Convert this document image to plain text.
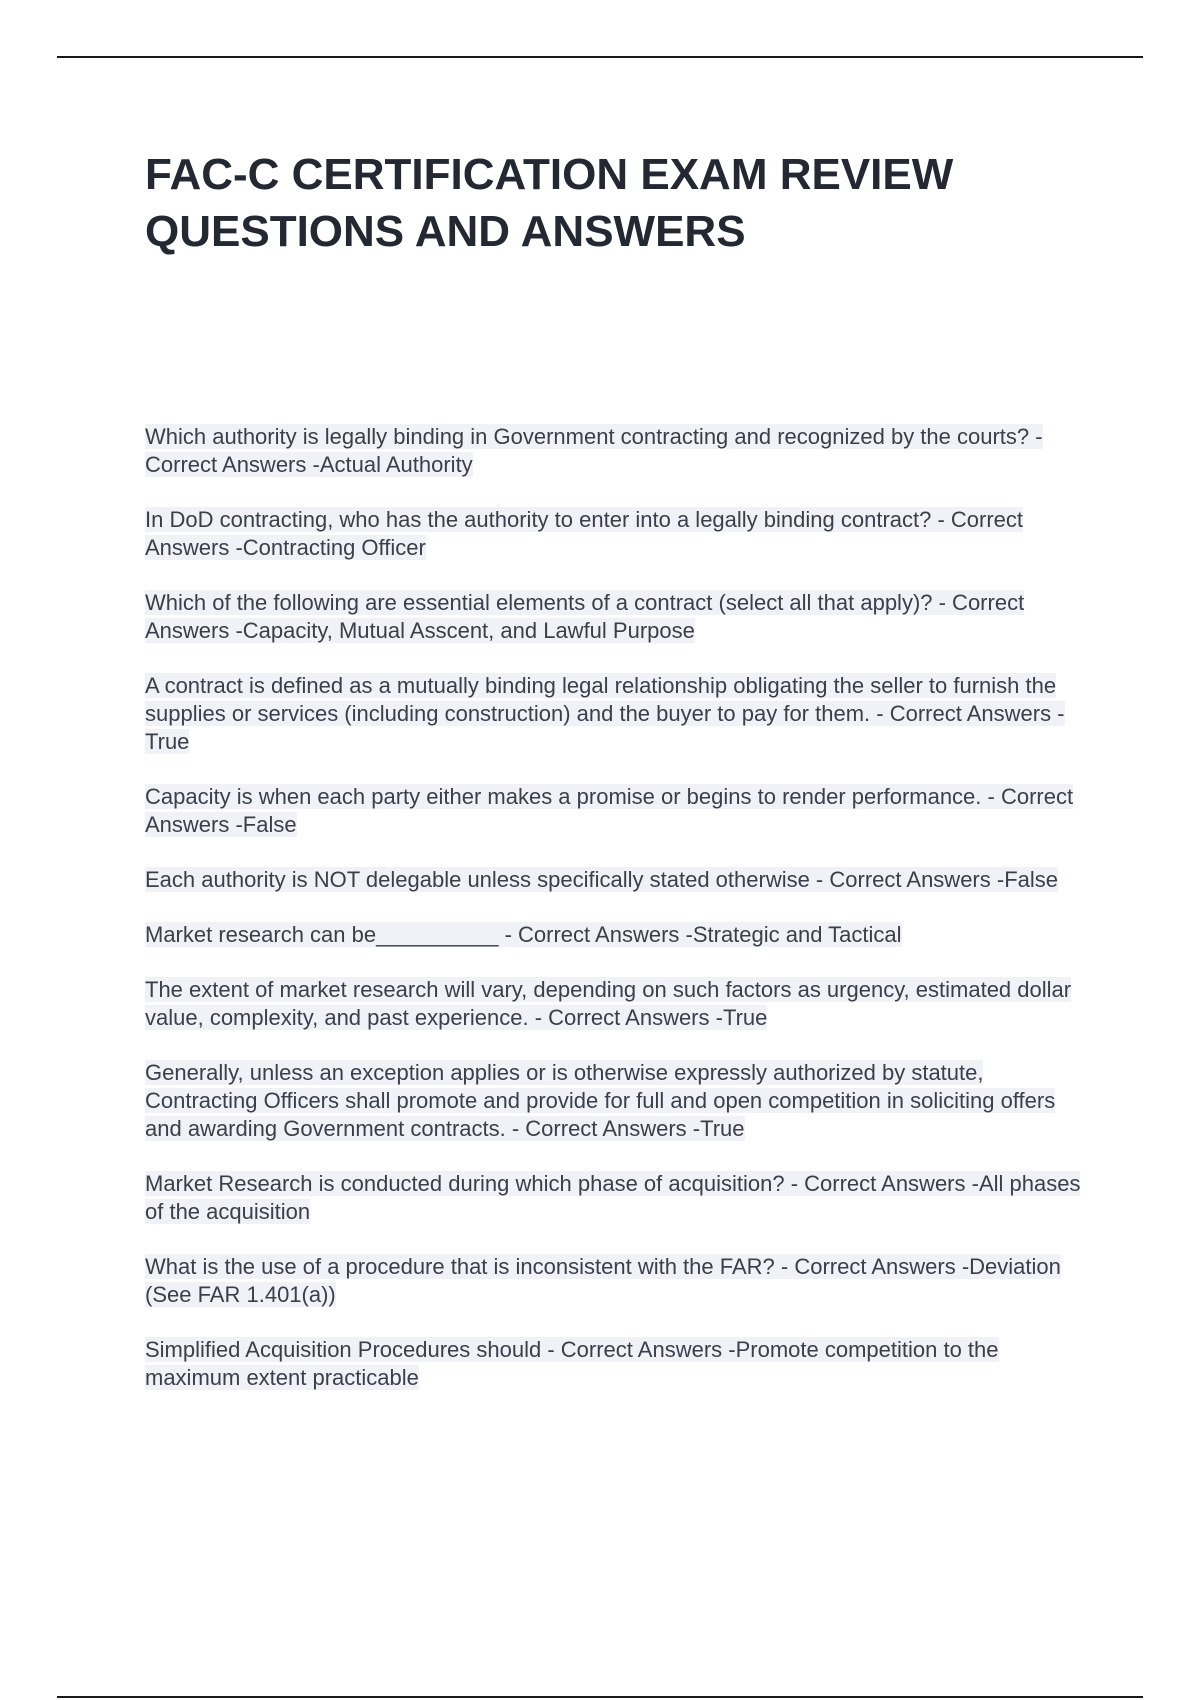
FAC-C CERTIFICATION EXAM REVIEW QUESTIONS AND ANSWERS
Which authority is legally binding in Government contracting and recognized by the courts? - Correct Answers -Actual Authority
In DoD contracting, who has the authority to enter into a legally binding contract? - Correct Answers -Contracting Officer
Which of the following are essential elements of a contract (select all that apply)? - Correct Answers -Capacity, Mutual Asscent, and Lawful Purpose
A contract is defined as a mutually binding legal relationship obligating the seller to furnish the supplies or services (including construction) and the buyer to pay for them. - Correct Answers -True
Capacity is when each party either makes a promise or begins to render performance. - Correct Answers -False
Each authority is NOT delegable unless specifically stated otherwise - Correct Answers -False
Market research can be__________ - Correct Answers -Strategic and Tactical
The extent of market research will vary, depending on such factors as urgency, estimated dollar value, complexity, and past experience. - Correct Answers -True
Generally, unless an exception applies or is otherwise expressly authorized by statute, Contracting Officers shall promote and provide for full and open competition in soliciting offers and awarding Government contracts. - Correct Answers -True
Market Research is conducted during which phase of acquisition? - Correct Answers -All phases of the acquisition
What is the use of a procedure that is inconsistent with the FAR? - Correct Answers -Deviation (See FAR 1.401(a))
Simplified Acquisition Procedures should - Correct Answers -Promote competition to the maximum extent practicable
